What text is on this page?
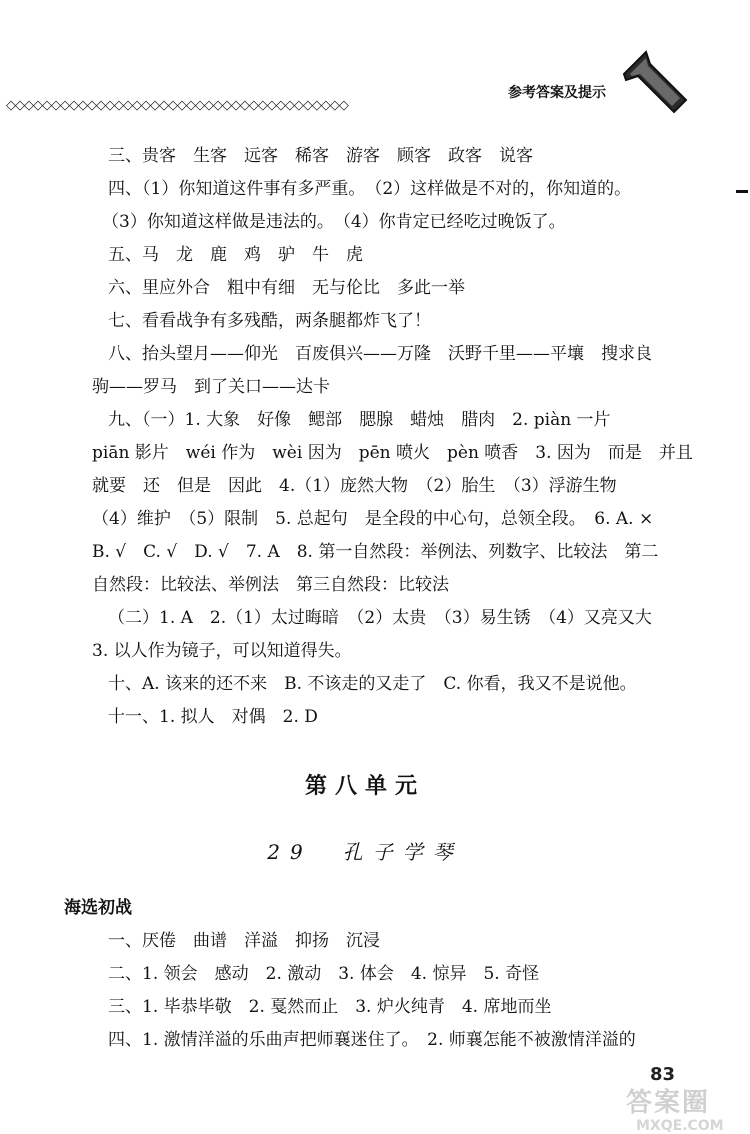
◇◇◇◇◇◇◇◇◇◇◇◇◇◇◇◇◇◇◇◇◇◇◇◇◇◇◇◇◇◇◇◇◇◇◇◇◇◇
参考答案及提示
三、贵客　生客　远客　稀客　游客　顾客　政客　说客
四、（1）你知道这件事有多严重。　（2）这样做是不对的，你知道的。
（3）你知道这样做是违法的。　（4）你肯定已经吃过晚饭了。
五、马　龙　鹿　鸡　驴　牛　虎
六、里应外合　粗中有细　无与伦比　多此一举
七、看看战争有多残酷，两条腿都炸飞了！
八、抬头望月——仰光　百废俱兴——万隆　沃野千里——平壤　搜求良
驹——罗马　到了关口——达卡
九、（一）1. 大象　好像　鳃部　腮腺　蜡烛　腊肉　2. piàn 一片
piān 影片　wéi 作为　wèi 因为　pēn 喷火　pèn 喷香　3. 因为　而是　并且
就要　还　但是　因此　4.（1）庞然大物　（2）胎生　（3）浮游生物
（4）维护　（5）限制　5. 总起句　是全段的中心句，总领全段。　6. A. ×
B. √　C. √　D. √　7. A　8. 第一自然段：举例法、列数字、比较法　第二
自然段：比较法、举例法　第三自然段：比较法
（二）1. A　2.（1）太过晦暗　（2）太贵　（3）易生锈　（4）又亮又大
3. 以人作为镜子，可以知道得失。
十、A. 该来的还不来　B. 不该走的又走了　C. 你看，我又不是说他。
十一、1. 拟人　对偶　2. D
第八单元
29　孔子学琴
海选初战
一、厌倦　曲谱　洋溢　抑扬　沉浸
二、1. 领会　感动　2. 激动　3. 体会　4. 惊异　5. 奇怪
三、1. 毕恭毕敬　2. 戛然而止　3. 炉火纯青　4. 席地而坐
四、1. 激情洋溢的乐曲声把师襄迷住了。　2. 师襄怎能不被激情洋溢的
答案圈
83
MXQE.COM
